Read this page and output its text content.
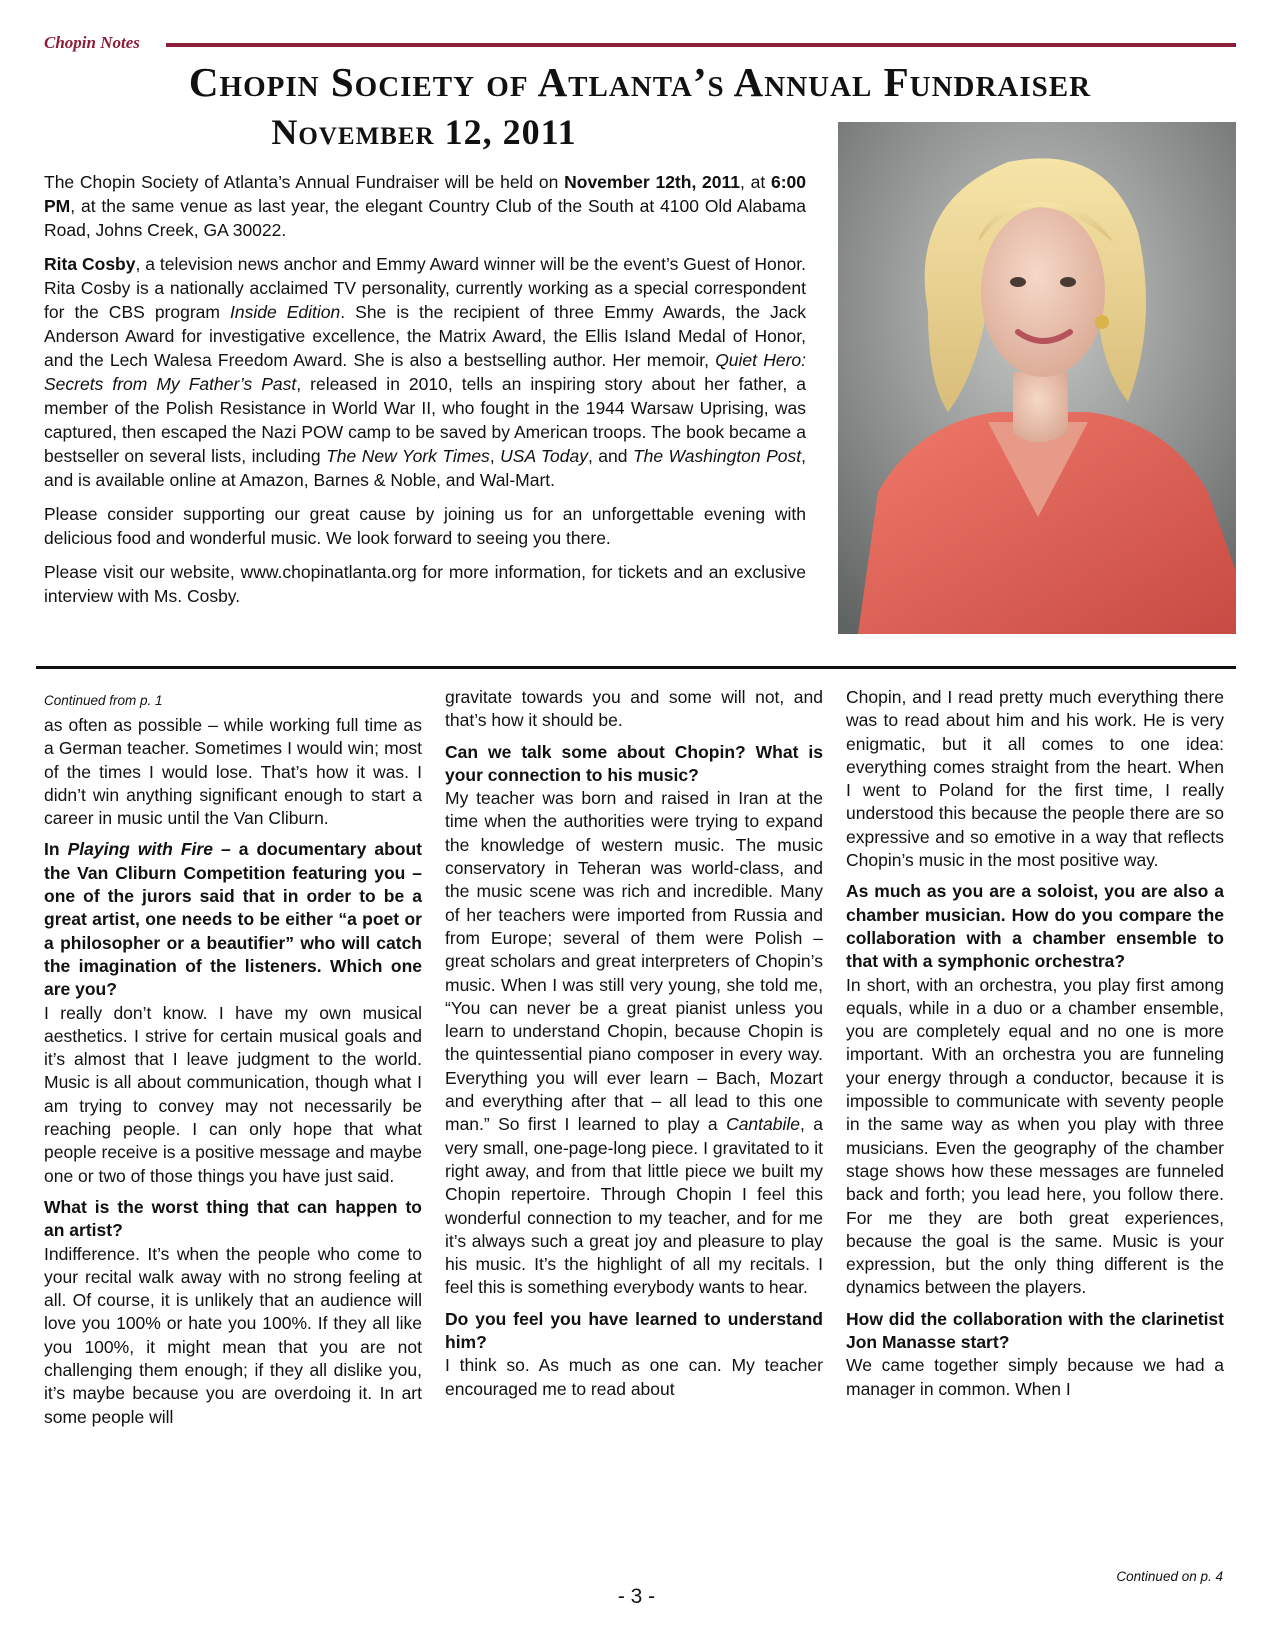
Chopin Notes
Chopin Society of Atlanta’s Annual Fundraiser
November 12, 2011

The Chopin Society of Atlanta’s Annual Fundraiser will be held on November 12th, 2011, at 6:00 PM, at the same venue as last year, the elegant Country Club of the South at 4100 Old Alabama Road, Johns Creek, GA 30022.

Rita Cosby, a television news anchor and Emmy Award winner will be the event’s Guest of Honor. Rita Cosby is a nationally acclaimed TV personality, currently working as a special correspondent for the CBS program Inside Edition. She is the recipient of three Emmy Awards, the Jack Anderson Award for investigative excellence, the Matrix Award, the Ellis Island Medal of Honor, and the Lech Walesa Freedom Award. She is also a bestselling author. Her memoir, Quiet Hero: Secrets from My Father’s Past, released in 2010, tells an inspiring story about her father, a member of the Polish Resistance in World War II, who fought in the 1944 Warsaw Uprising, was captured, then escaped the Nazi POW camp to be saved by American troops. The book became a bestseller on several lists, including The New York Times, USA Today, and The Washington Post, and is available online at Amazon, Barnes & Noble, and Wal-Mart.

Please consider supporting our great cause by joining us for an unforgettable evening with delicious food and wonderful music. We look forward to seeing you there.

Please visit our website, www.chopinatlanta.org for more information, for tickets and an exclusive interview with Ms. Cosby.

Continued from p. 1

as often as possible – while working full time as a German teacher. Sometimes I would win; most of the times I would lose. That’s how it was. I didn’t win anything significant enough to start a career in music until the Van Cliburn.

In Playing with Fire – a documentary about the Van Cliburn Competition featuring you – one of the jurors said that in order to be a great artist, one needs to be either “a poet or a philosopher or a beautifier” who will catch the imagination of the listeners. Which one are you?

I really don’t know. I have my own musical aesthetics. I strive for certain musical goals and it’s almost that I leave judgment to the world. Music is all about communication, though what I am trying to convey may not necessarily be reaching people. I can only hope that what people receive is a positive message and maybe one or two of those things you have just said.

What is the worst thing that can happen to an artist?

Indifference. It’s when the people who come to your recital walk away with no strong feeling at all. Of course, it is unlikely that an audience will love you 100% or hate you 100%. If they all like you 100%, it might mean that you are not challenging them enough; if they all dislike you, it’s maybe because you are overdoing it. In art some people will

gravitate towards you and some will not, and that’s how it should be.

Can we talk some about Chopin? What is your connection to his music?

My teacher was born and raised in Iran at the time when the authorities were trying to expand the knowledge of western music. The music conservatory in Teheran was world-class, and the music scene was rich and incredible. Many of her teachers were imported from Russia and from Europe; several of them were Polish – great scholars and great interpreters of Chopin’s music. When I was still very young, she told me, “You can never be a great pianist unless you learn to understand Chopin, because Chopin is the quintessential piano composer in every way. Everything you will ever learn – Bach, Mozart and everything after that – all lead to this one man.” So first I learned to play a Cantabile, a very small, one-page-long piece. I gravitated to it right away, and from that little piece we built my Chopin repertoire. Through Chopin I feel this wonderful connection to my teacher, and for me it’s always such a great joy and pleasure to play his music. It’s the highlight of all my recitals. I feel this is something everybody wants to hear.

Do you feel you have learned to understand him?

I think so. As much as one can. My teacher encouraged me to read about

Chopin, and I read pretty much everything there was to read about him and his work. He is very enigmatic, but it all comes to one idea: everything comes straight from the heart. When I went to Poland for the first time, I really understood this because the people there are so expressive and so emotive in a way that reflects Chopin’s music in the most positive way.

As much as you are a soloist, you are also a chamber musician. How do you compare the collaboration with a chamber ensemble to that with a symphonic orchestra?

In short, with an orchestra, you play first among equals, while in a duo or a chamber ensemble, you are completely equal and no one is more important. With an orchestra you are funneling your energy through a conductor, because it is impossible to communicate with seventy people in the same way as when you play with three musicians. Even the geography of the chamber stage shows how these messages are funneled back and forth; you lead here, you follow there. For me they are both great experiences, because the goal is the same. Music is your expression, but the only thing different is the dynamics between the players.

How did the collaboration with the clarinetist Jon Manasse start?

We came together simply because we had a manager in common. When I

Continued on p. 4
- 3 -
